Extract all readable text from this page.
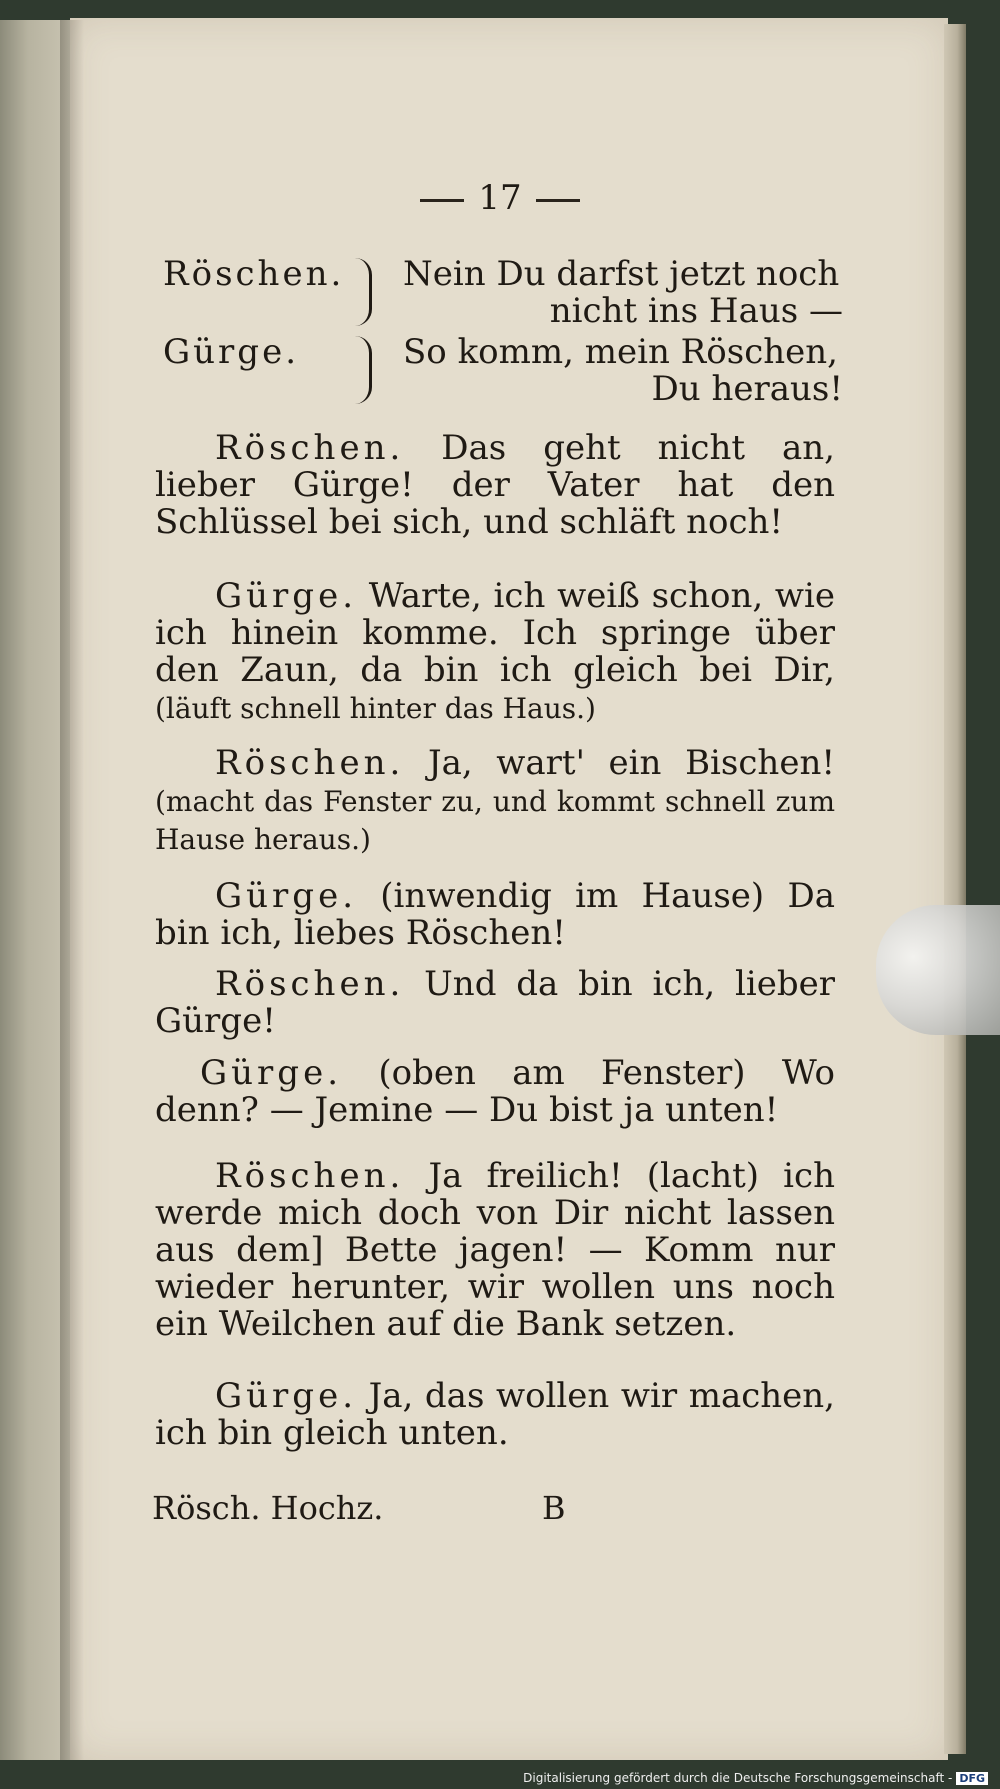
17
Röschen. Nein Du darfst jetzt noch
nicht ins Haus —
Gürge.	So komm, mein Röschen,
Du heraus!
Röschen. Das geht nicht an, lieber Gürge! der Vater hat den Schlüssel bei sich, und schläft noch!
Gürge. Warte, ich weiß schon, wie ich hinein komme. Ich springe über den Zaun, da bin ich gleich bei Dir, (läuft schnell hinter das Haus.)
Röschen. Ja, wart' ein Bischen! (macht das Fenster zu, und kommt schnell zum Hause heraus.)
Gürge. (inwendig im Hause) Da bin ich, liebes Röschen!
Röschen. Und da bin ich, lieber Gürge!
Gürge. (oben am Fenster) Wo denn? — Jemine — Du bist ja unten!
Röschen. Ja freilich! (lacht) ich werde mich doch von Dir nicht lassen aus dem] Bette jagen! — Komm nur wieder herunter, wir wollen uns noch ein Weilchen auf die Bank setzen.
Gürge. Ja, das wollen wir machen, ich bin gleich unten.
Rösch. Hochz.	B
Digitalisierung gefördert durch die Deutsche Forschungsgemeinschaft - DFG
